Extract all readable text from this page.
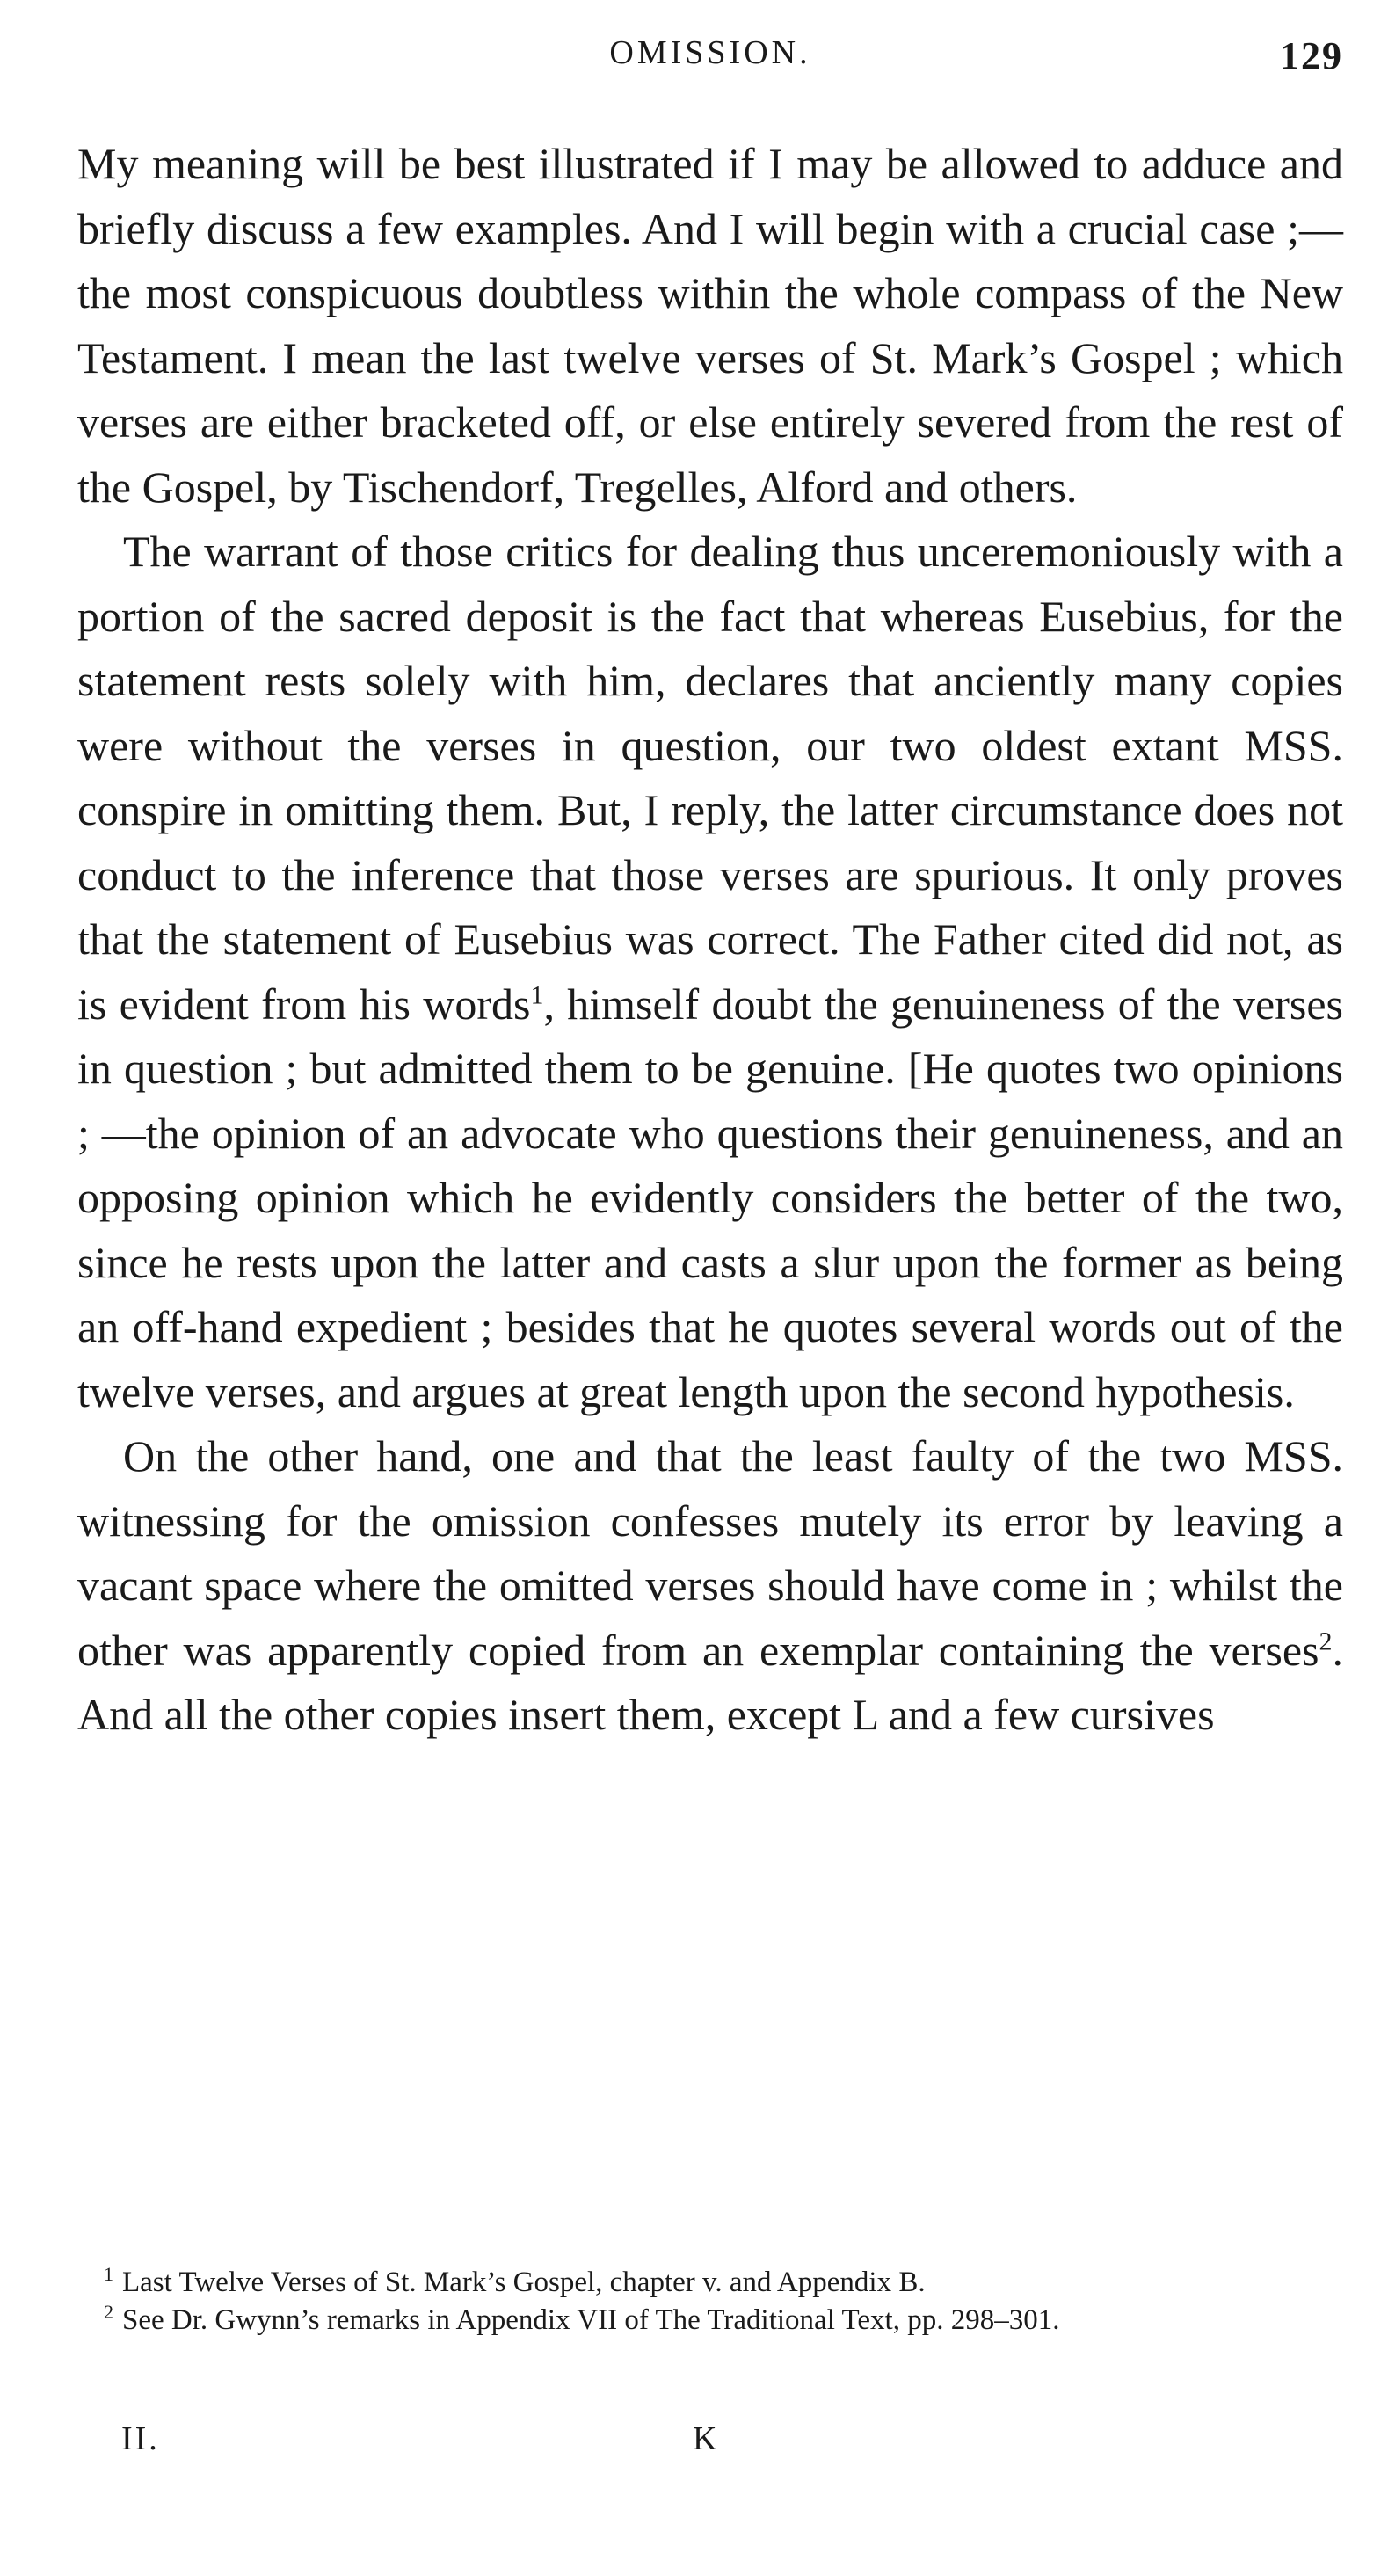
OMISSION.	129

My meaning will be best illustrated if I may be allowed to adduce and briefly discuss a few examples. And I will begin with a crucial case ;—the most conspicuous doubtless within the whole compass of the New Testament. I mean the last twelve verses of St. Mark’s Gospel ; which verses are either bracketed off, or else entirely severed from the rest of the Gospel, by Tischendorf, Tregelles, Alford and others.

The warrant of those critics for dealing thus unceremoniously with a portion of the sacred deposit is the fact that whereas Eusebius, for the statement rests solely with him, declares that anciently many copies were without the verses in question, our two oldest extant MSS. conspire in omitting them. But, I reply, the latter circumstance does not conduct to the inference that those verses are spurious. It only proves that the statement of Eusebius was correct. The Father cited did not, as is evident from his words$^1$, himself doubt the genuineness of the verses in question ; but admitted them to be genuine. [He quotes two opinions ; —the opinion of an advocate who questions their genuineness, and an opposing opinion which he evidently considers the better of the two, since he rests upon the latter and casts a slur upon the former as being an off-hand expedient ; besides that he quotes several words out of the twelve verses, and argues at great length upon the second hypothesis.

On the other hand, one and that the least faulty of the two MSS. witnessing for the omission confesses mutely its error by leaving a vacant space where the omitted verses should have come in ; whilst the other was apparently copied from an exemplar containing the verses$^2$. And all the other copies insert them, except L and a few cursives

$^1$ Last Twelve Verses of St. Mark’s Gospel, chapter v. and Appendix B.

$^2$ See Dr. Gwynn’s remarks in Appendix VII of The Traditional Text, pp. 298–301.

II.	K
